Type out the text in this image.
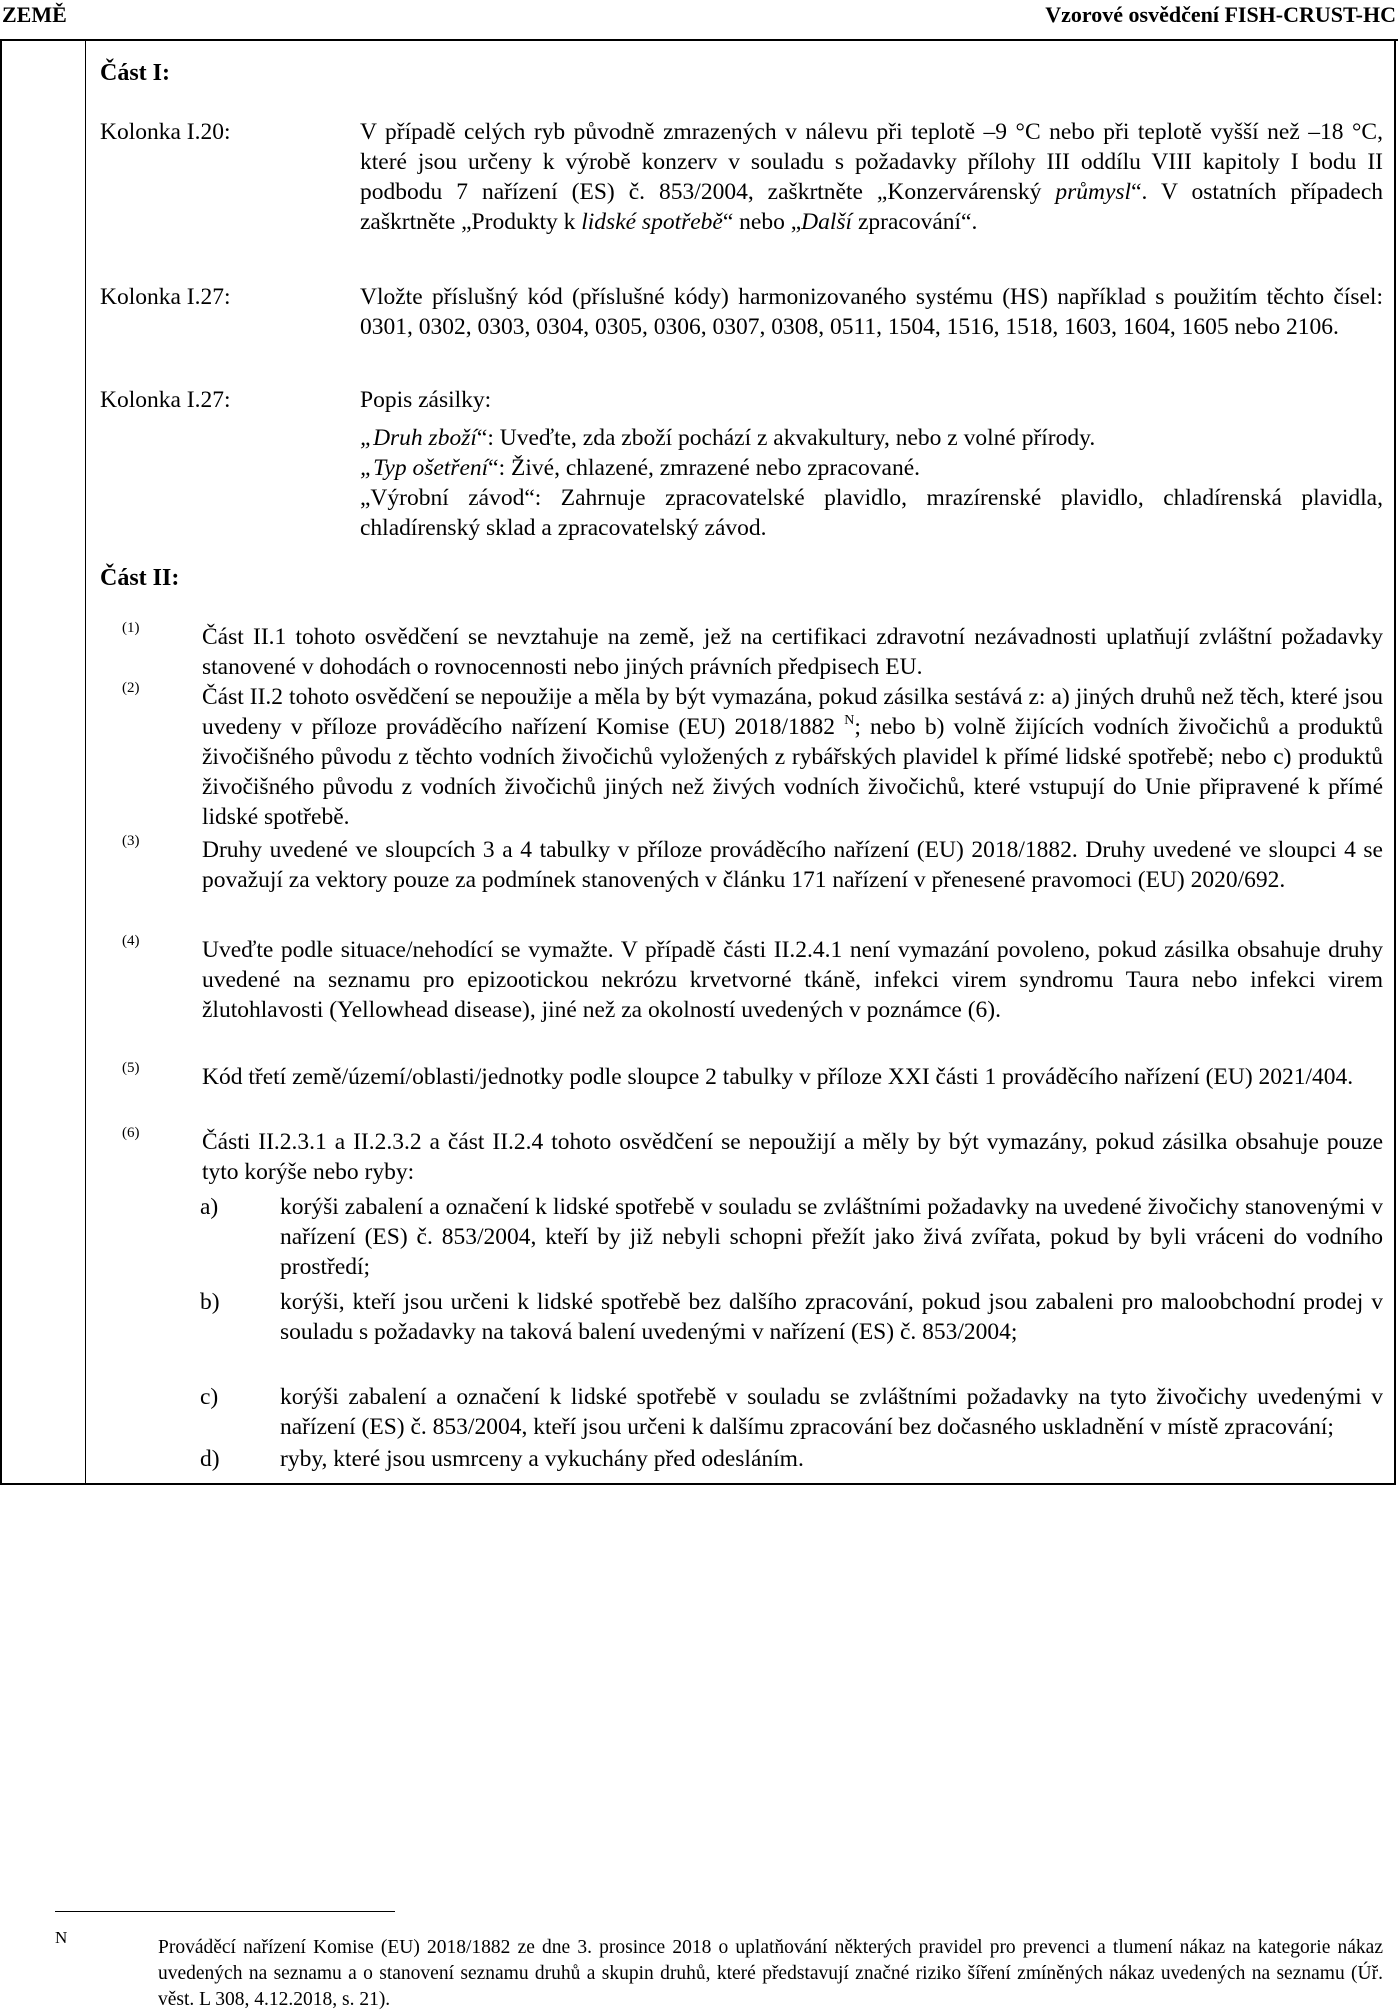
ZEMĚ	Vzorové osvědčení FISH-CRUST-HC
Část I:
Kolonka I.20:	V případě celých ryb původně zmrazených v nálevu při teplotě –9 °C nebo při teplotě vyšší než –18 °C, které jsou určeny k výrobě konzerv v souladu s požadavky přílohy III oddílu VIII kapitoly I bodu II podbodu 7 nařízení (ES) č. 853/2004, zaškrtněte „Konzervárenský průmysl“. V ostatních případech zaškrtněte „Produkty k lidské spotřebě“ nebo „Další zpracování“.
Kolonka I.27:	Vložte příslušný kód (příslušné kódy) harmonizovaného systému (HS) například s použitím těchto čísel: 0301, 0302, 0303, 0304, 0305, 0306, 0307, 0308, 0511, 1504, 1516, 1518, 1603, 1604, 1605 nebo 2106.
Kolonka I.27:	Popis zásilky:

„Druh zboží“: Uveďte, zda zboží pochází z akvakultury, nebo z volné přírody.

„Typ ošetření“: Živé, chlazené, zmrazené nebo zpracované.

„Výrobní závod“: Zahrnuje zpracovatelské plavidlo, mrazírenské plavidlo, chladírenská plavidla, chladírenský sklad a zpracovatelský závod.

Část II:
(1)	Část II.1 tohoto osvědčení se nevztahuje na země, jež na certifikaci zdravotní nezávadnosti uplatňují zvláštní požadavky stanovené v dohodách o rovnocennosti nebo jiných právních předpisech EU.
(2)	Část II.2 tohoto osvědčení se nepoužije a měla by být vymazána, pokud zásilka sestává z: a) jiných druhů než těch, které jsou uvedeny v příloze prováděcího nařízení Komise (EU) 2018/1882 $^N$; nebo b) volně žijících vodních živočichů a produktů živočišného původu z těchto vodních živočichů vyložených z rybářských plavidel k přímé lidské spotřebě; nebo c) produktů živočišného původu z vodních živočichů jiných než živých vodních živočichů, které vstupují do Unie připravené k přímé lidské spotřebě.
(3)	Druhy uvedené ve sloupcích 3 a 4 tabulky v příloze prováděcího nařízení (EU) 2018/1882. Druhy uvedené ve sloupci 4 se považují za vektory pouze za podmínek stanovených v článku 171 nařízení v přenesené pravomoci (EU) 2020/692.
(4)	Uveďte podle situace/nehodící se vymažte. V případě části II.2.4.1 není vymazání povoleno, pokud zásilka obsahuje druhy uvedené na seznamu pro epizootickou nekrózu krvetvorné tkáně, infekci virem syndromu Taura nebo infekci virem žlutohlavosti (Yellowhead disease), jiné než za okolností uvedených v poznámce (6).
(5)	Kód třetí země/území/oblasti/jednotky podle sloupce 2 tabulky v příloze XXI části 1 prováděcího nařízení (EU) 2021/404.
(6)	Části II.2.3.1 a II.2.3.2 a část II.2.4 tohoto osvědčení se nepoužijí a měly by být vymazány, pokud zásilka obsahuje pouze tyto korýše nebo ryby:
a)	korýši zabalení a označení k lidské spotřebě v souladu se zvláštními požadavky na uvedené živočichy stanovenými v nařízení (ES) č. 853/2004, kteří by již nebyli schopni přežít jako živá zvířata, pokud by byli vráceni do vodního prostředí;
b)	korýši, kteří jsou určeni k lidské spotřebě bez dalšího zpracování, pokud jsou zabaleni pro maloobchodní prodej v souladu s požadavky na taková balení uvedenými v nařízení (ES) č. 853/2004;
c)	korýši zabalení a označení k lidské spotřebě v souladu se zvláštními požadavky na tyto živočichy uvedenými v nařízení (ES) č. 853/2004, kteří jsou určeni k dalšímu zpracování bez dočasného uskladnění v místě zpracování;
d)	ryby, které jsou usmrceny a vykuchány před odesláním.
N	Prováděcí nařízení Komise (EU) 2018/1882 ze dne 3. prosince 2018 o uplatňování některých pravidel pro prevenci a tlumení nákaz na kategorie nákaz uvedených na seznamu a o stanovení seznamu druhů a skupin druhů, které představují značné riziko šíření zmíněných nákaz uvedených na seznamu (Úř. věst. L 308, 4.12.2018, s. 21).
